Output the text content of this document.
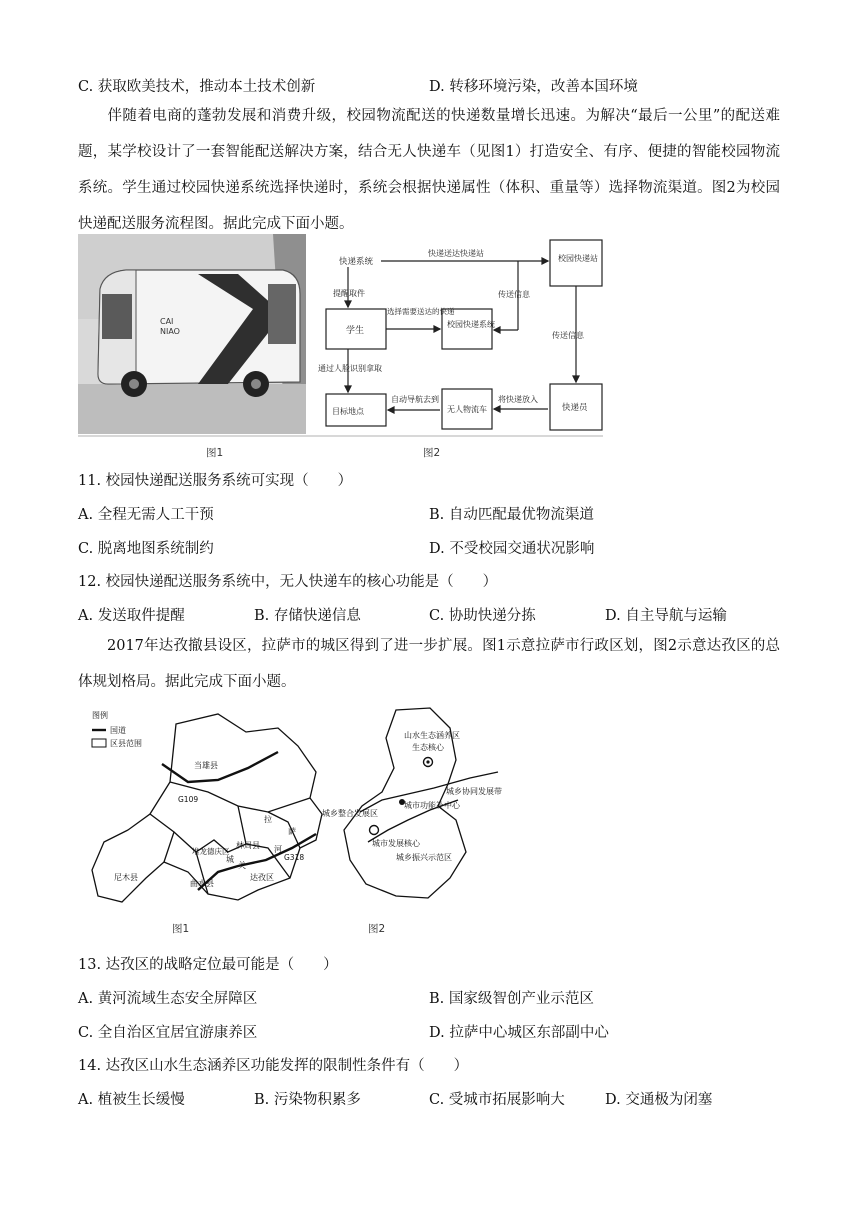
C. 获取欧美技术，推动本土技术创新	D. 转移环境污染，改善本国环境
伴随着电商的蓬勃发展和消费升级，校园物流配送的快递数量增长迅速。为解决“最后一公里”的配送难题，某学校设计了一套智能配送解决方案，结合无人快递车（见图1）打造安全、有序、便捷的智能校园物流系统。学生通过校园快递系统选择快递时，系统会根据快递属性（体积、重量等）选择物流渠道。图2为校园快递配送服务流程图。据此完成下面小题。
CAI
NIAO
图1	图2
快递系统
学生
校园快递系统
校园快递站
快递员
无人物流车
目标地点
快递送达快递站
传送信息
提醒取件
选择需要送达的快递
传送信息
将快递放入
自动导航去到
通过人脸识别拿取
11. 校园快递配送服务系统可实现（　　）
A. 全程无需人工干预	B. 自动匹配最优物流渠道
C. 脱离地图系统制约	D. 不受校园交通状况影响
12. 校园快递配送服务系统中，无人快递车的核心功能是（　　）
A. 发送取件提醒	B. 存储快递信息	C. 协助快递分拣	D. 自主导航与运输
2017年达孜撤县设区，拉萨市的城区得到了进一步扩展。图1示意拉萨市行政区划，图2示意达孜区的总体规划格局。据此完成下面小题。
图例
国道
区县范围
当雄县
G109
林周县
尼木县
堆龙德庆区
曲水县
达孜区
G318
拉
萨
城
关
河
图1
山水生态涵养区
生态核心
城乡协同发展带
城市功能补中心
城乡整合发展区
城市发展核心
城乡振兴示范区
图2
13. 达孜区的战略定位最可能是（　　）
A. 黄河流域生态安全屏障区	B. 国家级智创产业示范区
C. 全自治区宜居宜游康养区	D. 拉萨中心城区东部副中心
14. 达孜区山水生态涵养区功能发挥的限制性条件有（　　）
A. 植被生长缓慢	B. 污染物积累多	C. 受城市拓展影响大	D. 交通极为闭塞
